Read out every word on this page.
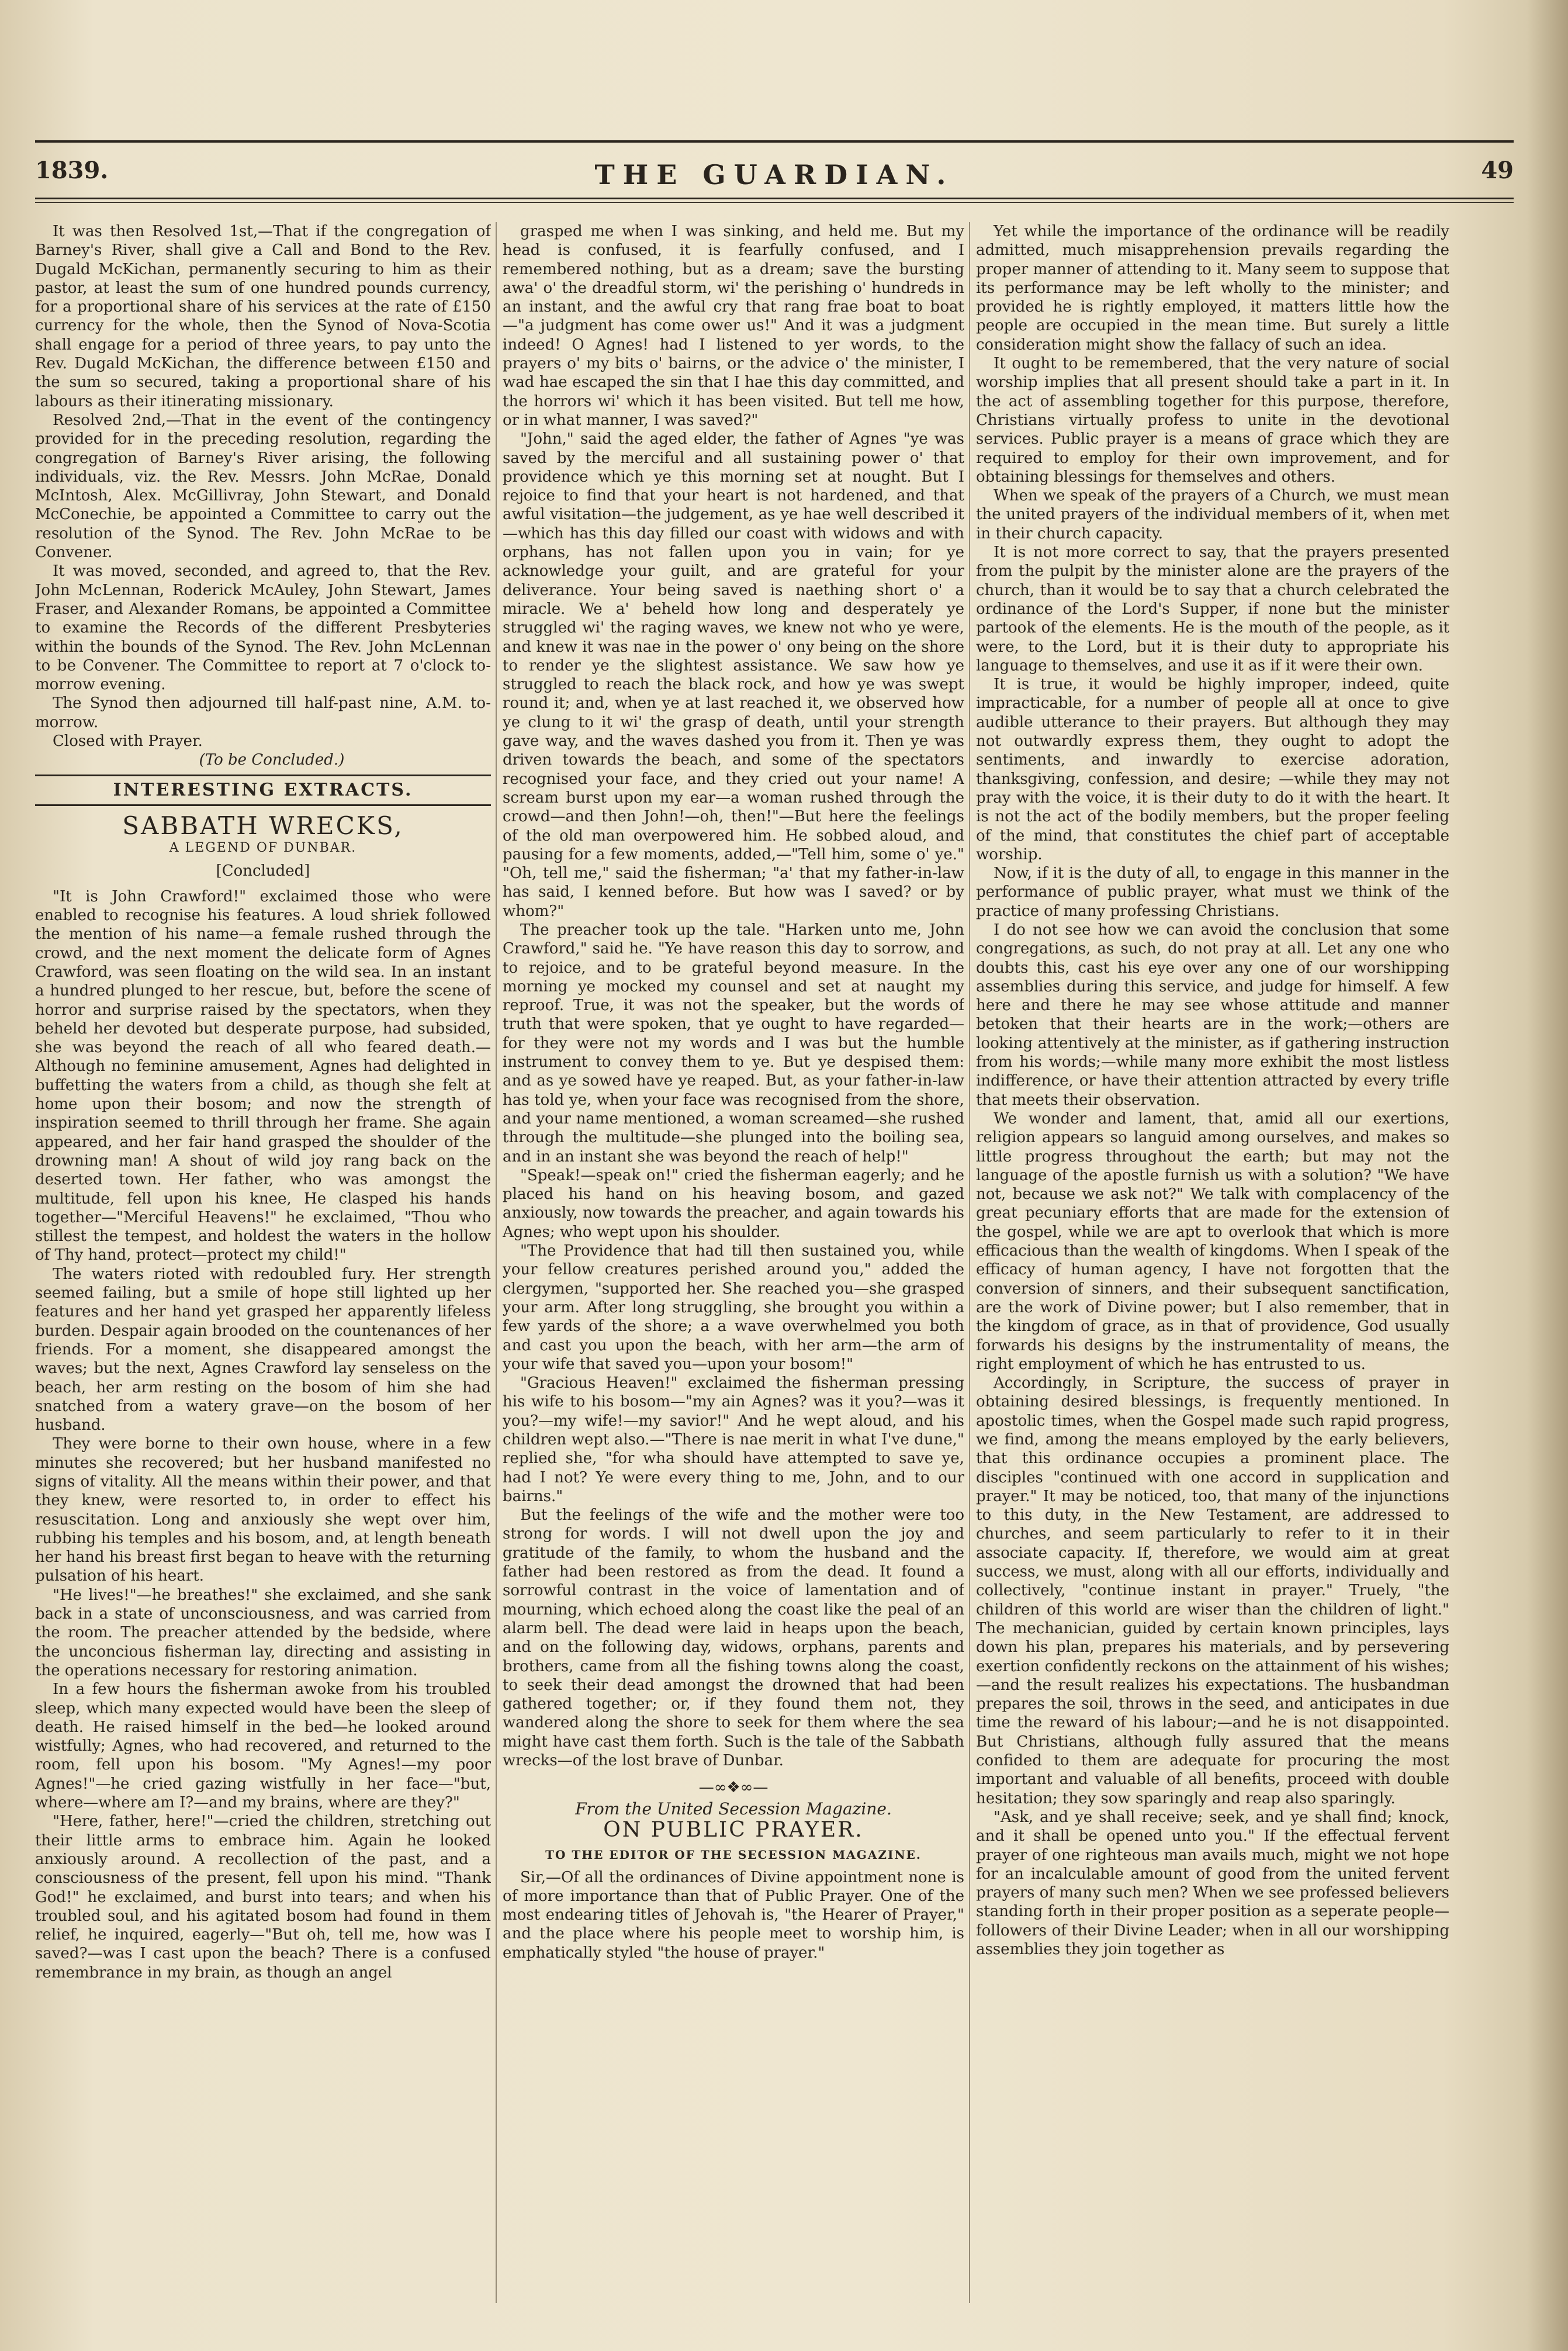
1839.	THE GUARDIAN.	49

It was then Resolved 1st,—That if the congregation of Barney's River, shall give a Call and Bond to the Rev. Dugald McKichan, permanently securing to him as their pastor, at least the sum of one hundred pounds currency, for a proportional share of his services at the rate of £150 currency for the whole, then the Synod of Nova-Scotia shall engage for a period of three years, to pay unto the Rev. Dugald McKichan, the difference between £150 and the sum so secured, taking a proportional share of his labours as their itinerating missionary.

Resolved 2nd,—That in the event of the contingency provided for in the preceding resolution, regarding the congregation of Barney's River arising, the following individuals, viz. the Rev. Messrs. John McRae, Donald McIntosh, Alex. McGillivray, John Stewart, and Donald McConechie, be appointed a Committee to carry out the resolution of the Synod. The Rev. John McRae to be Convener.

It was moved, seconded, and agreed to, that the Rev. John McLennan, Roderick McAuley, John Stewart, James Fraser, and Alexander Romans, be appointed a Committee to examine the Records of the different Presbyteries within the bounds of the Synod. The Rev. John McLennan to be Convener. The Committee to report at 7 o'clock to-morrow evening.

The Synod then adjourned till half-past nine, A.M. to-morrow.

Closed with Prayer.

(To be Concluded.)

INTERESTING EXTRACTS.
SABBATH WRECKS,
A LEGEND OF DUNBAR.
[Concluded]

"It is John Crawford!" exclaimed those who were enabled to recognise his features. A loud shriek followed the mention of his name—a female rushed through the crowd, and the next moment the delicate form of Agnes Crawford, was seen floating on the wild sea. In an instant a hundred plunged to her rescue, but, before the scene of horror and surprise raised by the spectators, when they beheld her devoted but desperate purpose, had subsided, she was beyond the reach of all who feared death.—Although no feminine amusement, Agnes had delighted in buffetting the waters from a child, as though she felt at home upon their bosom; and now the strength of inspiration seemed to thrill through her frame. She again appeared, and her fair hand grasped the shoulder of the drowning man! A shout of wild joy rang back on the deserted town. Her father, who was amongst the multitude, fell upon his knee, He clasped his hands together—"Merciful Heavens!" he exclaimed, "Thou who stillest the tempest, and holdest the waters in the hollow of Thy hand, protect—protect my child!"

The waters rioted with redoubled fury. Her strength seemed failing, but a smile of hope still lighted up her features and her hand yet grasped her apparently lifeless burden. Despair again brooded on the countenances of her friends. For a moment, she disappeared amongst the waves; but the next, Agnes Crawford lay senseless on the beach, her arm resting on the bosom of him she had snatched from a watery grave—on the bosom of her husband.

They were borne to their own house, where in a few minutes she recovered; but her husband manifested no signs of vitality. All the means within their power, and that they knew, were resorted to, in order to effect his resuscitation. Long and anxiously she wept over him, rubbing his temples and his bosom, and, at length beneath her hand his breast first began to heave with the returning pulsation of his heart.

"He lives!"—he breathes!" she exclaimed, and she sank back in a state of unconsciousness, and was carried from the room. The preacher attended by the bedside, where the unconcious fisherman lay, directing and assisting in the operations necessary for restoring animation.

In a few hours the fisherman awoke from his troubled sleep, which many expected would have been the sleep of death. He raised himself in the bed—he looked around wistfully; Agnes, who had recovered, and returned to the room, fell upon his bosom. "My Agnes!—my poor Agnes!"—he cried gazing wistfully in her face—"but, where—where am I?—and my brains, where are they?"

"Here, father, here!"—cried the children, stretching out their little arms to embrace him. Again he looked anxiously around. A recollection of the past, and a consciousness of the present, fell upon his mind. "Thank God!" he exclaimed, and burst into tears; and when his troubled soul, and his agitated bosom had found in them relief, he inquired, eagerly—"But oh, tell me, how was I saved?—was I cast upon the beach? There is a confused remembrance in my brain, as though an angel

grasped me when I was sinking, and held me. But my head is confused, it is fearfully confused, and I remembered nothing, but as a dream; save the bursting awa' o' the dreadful storm, wi' the perishing o' hundreds in an instant, and the awful cry that rang frae boat to boat—"a judgment has come ower us!" And it was a judgment indeed! O Agnes! had I listened to yer words, to the prayers o' my bits o' bairns, or the advice o' the minister, I wad hae escaped the sin that I hae this day committed, and the horrors wi' which it has been visited. But tell me how, or in what manner, I was saved?"

"John," said the aged elder, the father of Agnes "ye was saved by the merciful and all sustaining power o' that providence which ye this morning set at nought. But I rejoice to find that your heart is not hardened, and that awful visitation—the judgement, as ye hae well described it—which has this day filled our coast with widows and with orphans, has not fallen upon you in vain; for ye acknowledge your guilt, and are grateful for your deliverance. Your being saved is naething short o' a miracle. We a' beheld how long and desperately ye struggled wi' the raging waves, we knew not who ye were, and knew it was nae in the power o' ony being on the shore to render ye the slightest assistance. We saw how ye struggled to reach the black rock, and how ye was swept round it; and, when ye at last reached it, we observed how ye clung to it wi' the grasp of death, until your strength gave way, and the waves dashed you from it. Then ye was driven towards the beach, and some of the spectators recognised your face, and they cried out your name! A scream burst upon my ear—a woman rushed through the crowd—and then John!—oh, then!"—But here the feelings of the old man overpowered him. He sobbed aloud, and pausing for a few moments, added,—"Tell him, some o' ye." "Oh, tell me," said the fisherman; "a' that my father-in-law has said, I kenned before. But how was I saved? or by whom?"

The preacher took up the tale. "Harken unto me, John Crawford," said he. "Ye have reason this day to sorrow, and to rejoice, and to be grateful beyond measure. In the morning ye mocked my counsel and set at naught my reproof. True, it was not the speaker, but the words of truth that were spoken, that ye ought to have regarded—for they were not my words and I was but the humble instrument to convey them to ye. But ye despised them: and as ye sowed have ye reaped. But, as your father-in-law has told ye, when your face was recognised from the shore, and your name mentioned, a woman screamed—she rushed through the multitude—she plunged into the boiling sea, and in an instant she was beyond the reach of help!"

"Speak!—speak on!" cried the fisherman eagerly; and he placed his hand on his heaving bosom, and gazed anxiously, now towards the preacher, and again towards his Agnes; who wept upon his shoulder.

"The Providence that had till then sustained you, while your fellow creatures perished around you," added the clergymen, "supported her. She reached you—she grasped your arm. After long struggling, she brought you within a few yards of the shore; a a wave overwhelmed you both and cast you upon the beach, with her arm—the arm of your wife that saved you—upon your bosom!"

"Gracious Heaven!" exclaimed the fisherman pressing his wife to his bosom—"my ain Agnes? was it you?—was it you?—my wife!—my savior!" And he wept aloud, and his children wept also.—"There is nae merit in what I've dune," replied she, "for wha should have attempted to save ye, had I not? Ye were every thing to me, John, and to our bairns."

But the feelings of the wife and the mother were too strong for words. I will not dwell upon the joy and gratitude of the family, to whom the husband and the father had been restored as from the dead. It found a sorrowful contrast in the voice of lamentation and of mourning, which echoed along the coast like the peal of an alarm bell. The dead were laid in heaps upon the beach, and on the following day, widows, orphans, parents and brothers, came from all the fishing towns along the coast, to seek their dead amongst the drowned that had been gathered together; or, if they found them not, they wandered along the shore to seek for them where the sea might have cast them forth. Such is the tale of the Sabbath wrecks—of the lost brave of Dunbar.

—∞❖∞—
From the United Secession Magazine.
ON PUBLIC PRAYER.
TO THE EDITOR OF THE SECESSION MAGAZINE.

Sir,—Of all the ordinances of Divine appointment none is of more importance than that of Public Prayer. One of the most endearing titles of Jehovah is, "the Hearer of Prayer," and the place where his people meet to worship him, is emphatically styled "the house of prayer."

Yet while the importance of the ordinance will be readily admitted, much misapprehension prevails regarding the proper manner of attending to it. Many seem to suppose that its performance may be left wholly to the minister; and provided he is rightly employed, it matters little how the people are occupied in the mean time. But surely a little consideration might show the fallacy of such an idea.

It ought to be remembered, that the very nature of social worship implies that all present should take a part in it. In the act of assembling together for this purpose, therefore, Christians virtually profess to unite in the devotional services. Public prayer is a means of grace which they are required to employ for their own improvement, and for obtaining blessings for themselves and others.

When we speak of the prayers of a Church, we must mean the united prayers of the individual members of it, when met in their church capacity.

It is not more correct to say, that the prayers presented from the pulpit by the minister alone are the prayers of the church, than it would be to say that a church celebrated the ordinance of the Lord's Supper, if none but the minister partook of the elements. He is the mouth of the people, as it were, to the Lord, but it is their duty to appropriate his language to themselves, and use it as if it were their own.

It is true, it would be highly improper, indeed, quite impracticable, for a number of people all at once to give audible utterance to their prayers. But although they may not outwardly express them, they ought to adopt the sentiments, and inwardly to exercise adoration, thanksgiving, confession, and desire; —while they may not pray with the voice, it is their duty to do it with the heart. It is not the act of the bodily members, but the proper feeling of the mind, that constitutes the chief part of acceptable worship.

Now, if it is the duty of all, to engage in this manner in the performance of public prayer, what must we think of the practice of many professing Christians.

I do not see how we can avoid the conclusion that some congregations, as such, do not pray at all. Let any one who doubts this, cast his eye over any one of our worshipping assemblies during this service, and judge for himself. A few here and there he may see whose attitude and manner betoken that their hearts are in the work;—others are looking attentively at the minister, as if gathering instruction from his words;—while many more exhibit the most listless indifference, or have their attention attracted by every trifle that meets their observation.

We wonder and lament, that, amid all our exertions, religion appears so languid among ourselves, and makes so little progress throughout the earth; but may not the language of the apostle furnish us with a solution? "We have not, because we ask not?" We talk with complacency of the great pecuniary efforts that are made for the extension of the gospel, while we are apt to overlook that which is more efficacious than the wealth of kingdoms. When I speak of the efficacy of human agency, I have not forgotten that the conversion of sinners, and their subsequent sanctification, are the work of Divine power; but I also remember, that in the kingdom of grace, as in that of providence, God usually forwards his designs by the instrumentality of means, the right employment of which he has entrusted to us.

Accordingly, in Scripture, the success of prayer in obtaining desired blessings, is frequently mentioned. In apostolic times, when the Gospel made such rapid progress, we find, among the means employed by the early believers, that this ordinance occupies a prominent place. The disciples "continued with one accord in supplication and prayer." It may be noticed, too, that many of the injunctions to this duty, in the New Testament, are addressed to churches, and seem particularly to refer to it in their associate capacity. If, therefore, we would aim at great success, we must, along with all our efforts, individually and collectively, "continue instant in prayer." Truely, "the children of this world are wiser than the children of light." The mechanician, guided by certain known principles, lays down his plan, prepares his materials, and by persevering exertion confidently reckons on the attainment of his wishes;—and the result realizes his expectations. The husbandman prepares the soil, throws in the seed, and anticipates in due time the reward of his labour;—and he is not disappointed. But Christians, although fully assured that the means confided to them are adequate for procuring the most important and valuable of all benefits, proceed with double hesitation; they sow sparingly and reap also sparingly.

"Ask, and ye shall receive; seek, and ye shall find; knock, and it shall be opened unto you." If the effectual fervent prayer of one righteous man avails much, might we not hope for an incalculable amount of good from the united fervent prayers of many such men? When we see professed believers standing forth in their proper position as a seperate people—followers of their Divine Leader; when in all our worshipping assemblies they join together as
